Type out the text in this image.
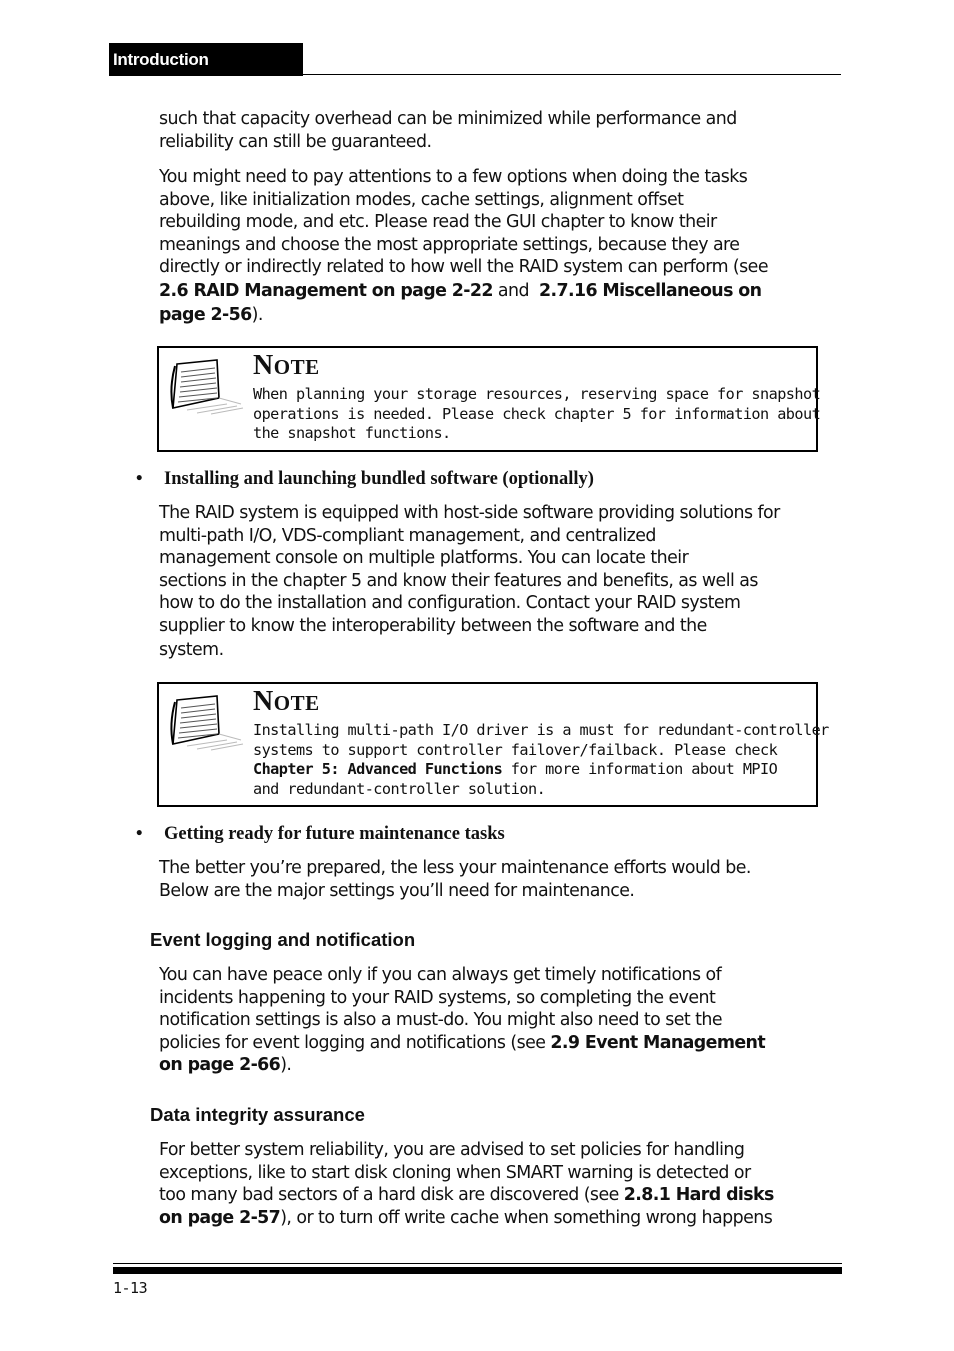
Introduction
such that capacity overhead can be minimized while performance and
reliability can still be guaranteed.
You might need to pay attentions to a few options when doing the tasks
above, like initialization modes, cache settings, alignment offset
rebuilding mode, and etc. Please read the GUI chapter to know their
meanings and choose the most appropriate settings, because they are
directly or indirectly related to how well the RAID system can perform (see
2.6 RAID Management on page 2-22 and  2.7.16 Miscellaneous on
page 2-56).
NOTE
When planning your storage resources, reserving space for snapshot
operations is needed. Please check chapter 5 for information about
the snapshot functions.
• Installing and launching bundled software (optionally)
The RAID system is equipped with host-side software providing solutions for
multi-path I/O, VDS-compliant management, and centralized
management console on multiple platforms. You can locate their
sections in the chapter 5 and know their features and benefits, as well as
how to do the installation and configuration. Contact your RAID system
supplier to know the interoperability between the software and the
system.
NOTE
Installing multi-path I/O driver is a must for redundant-controller
systems to support controller failover/failback. Please check
Chapter 5: Advanced Functions for more information about MPIO
and redundant-controller solution.
• Getting ready for future maintenance tasks
The better you’re prepared, the less your maintenance efforts would be.
Below are the major settings you’ll need for maintenance.
Event logging and notification
You can have peace only if you can always get timely notifications of
incidents happening to your RAID systems, so completing the event
notification settings is also a must-do. You might also need to set the
policies for event logging and notifications (see 2.9 Event Management
on page 2-66).
Data integrity assurance
For better system reliability, you are advised to set policies for handling
exceptions, like to start disk cloning when SMART warning is detected or
too many bad sectors of a hard disk are discovered (see 2.8.1 Hard disks
on page 2-57), or to turn off write cache when something wrong happens
1-13
